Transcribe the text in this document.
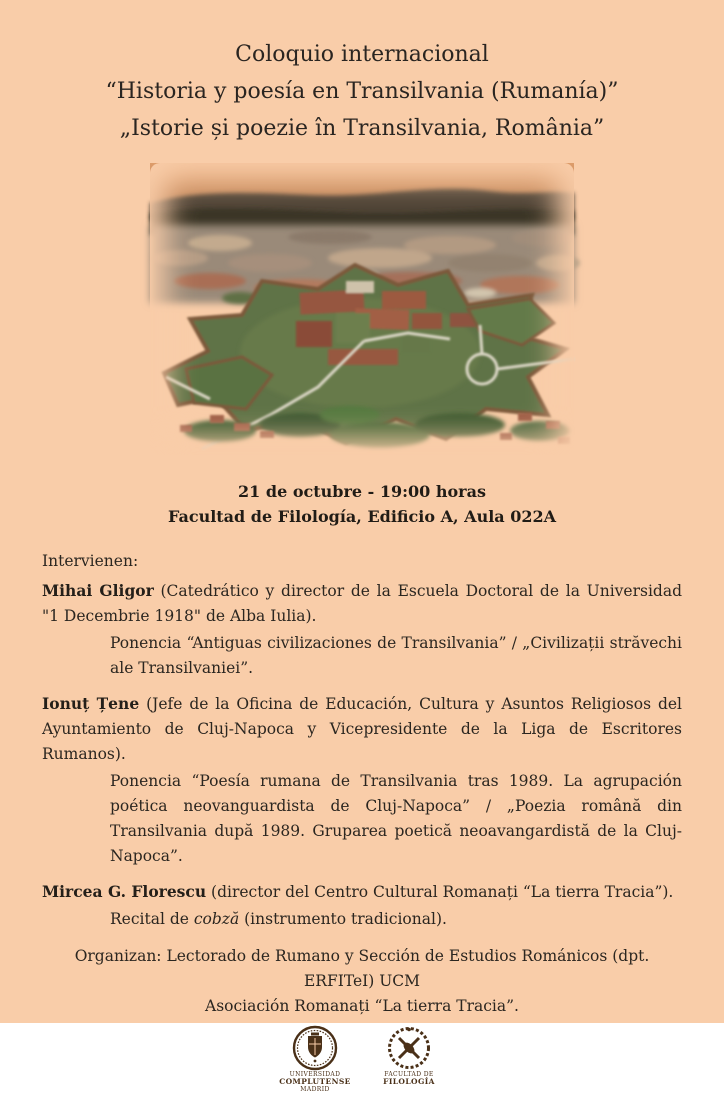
Coloquio internacional
“Historia y poesía en Transilvania (Rumanía)”
„Istorie și poezie în Transilvania, România”
21 de octubre - 19:00 horas
Facultad de Filología, Edificio A, Aula 022A

Intervienen:

Mihai Gligor (Catedrático y director de la Escuela Doctoral de la Universidad "1 Decembrie 1918" de Alba Iulia).

Ponencia “Antiguas civilizaciones de Transilvania” / „Civilizații străvechi ale Transilvaniei”.

Ionuț Țene (Jefe de la Oficina de Educación, Cultura y Asuntos Religiosos del Ayuntamiento de Cluj-Napoca y Vicepresidente de la Liga de Escritores Rumanos).

Ponencia “Poesía rumana de Transilvania tras 1989. La agrupación poética neovanguardista de Cluj-Napoca” / „Poezia română din Transilvania după 1989. Gruparea poetică neoavangardistă de la Cluj-Napoca”.

Mircea G. Florescu (director del Centro Cultural Romanați “La tierra Tracia”).

Recital de cobză (instrumento tradicional).

Organizan: Lectorado de Rumano y Sección de Estudios Románicos (dpt. ERFITeI) UCM
Asociación Romanați “La tierra Tracia”.
UNIVERSIDAD
COMPLUTENSE
MADRID
FACULTAD DE
FILOLOGÍA
